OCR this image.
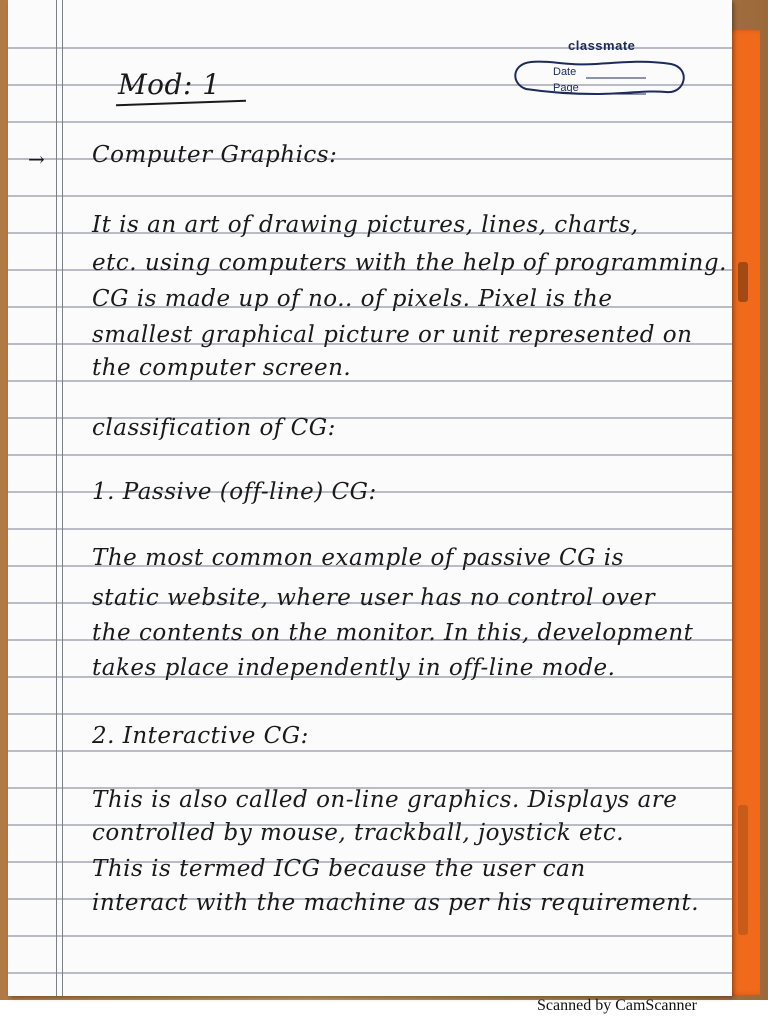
classmate
Date
Page
Mod: 1
→ Computer Graphics:
It is an art of drawing pictures, lines, charts,
etc. using computers with the help of programming.
CG is made up of no.. of pixels. Pixel is the
smallest graphical picture or unit represented on
the computer screen.
classification of CG:
1. Passive (off-line) CG:
The most common example of passive CG is
static website, where user has no control over
the contents on the monitor. In this, development
takes place independently in off-line mode.
2. Interactive CG:
This is also called on-line graphics. Displays are
controlled by mouse, trackball, joystick etc.
This is termed ICG because the user can
interact with the machine as per his requirement.
Scanned by CamScanner
